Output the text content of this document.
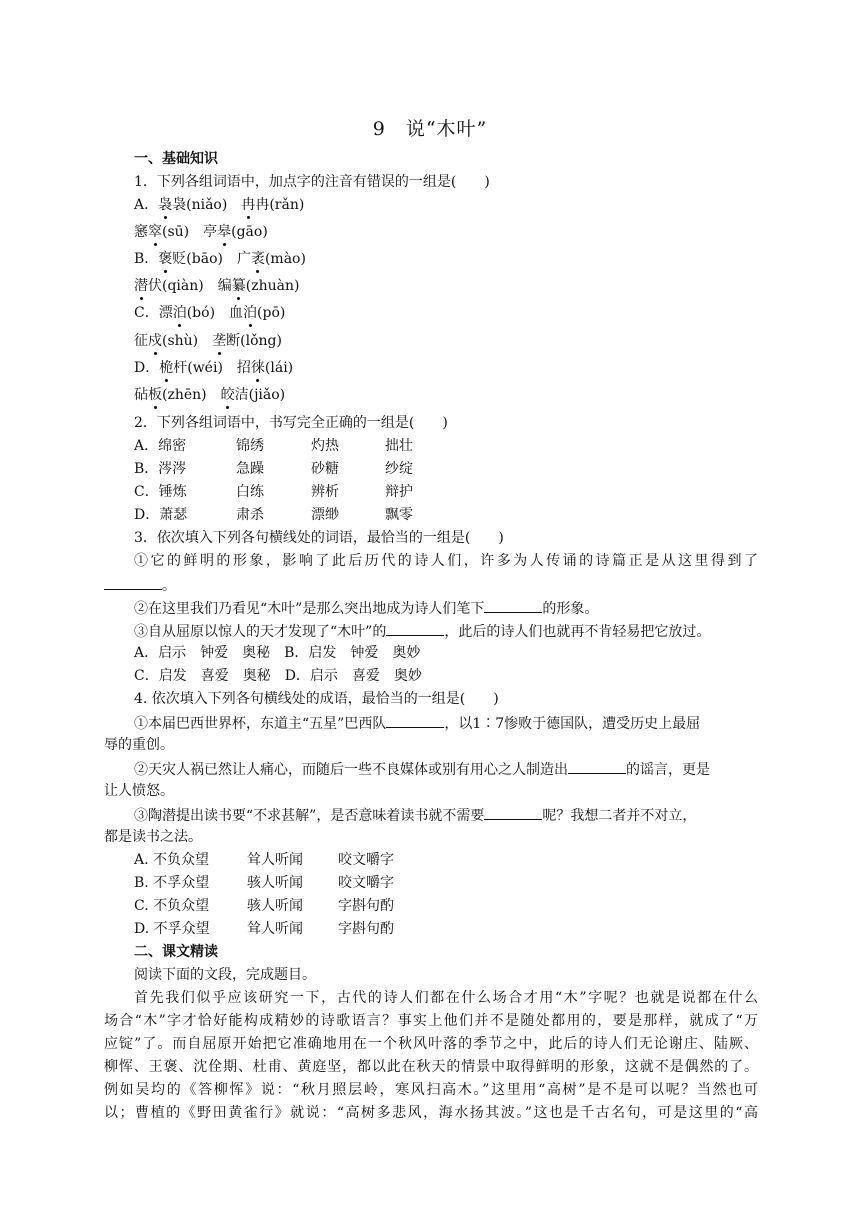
9　说“木叶”
一、基础知识
1．下列各组词语中，加点字的注音有错误的一组是(　　)
A．袅袅(niǎo)　冉冉(rǎn)
窸窣(sū)　亭皋(gāo)
B．褒贬(bāo)　广袤(mào)
潜伏(qiàn)　编纂(zhuàn)
C．漂泊(bó)　血泊(pō)
征戍(shù)　垄断(lǒng)
D．桅杆(wéi)　招徕(lái)
砧板(zhēn)　皎洁(jiǎo)
2．下列各组词语中，书写完全正确的一组是(　　)
A．绵密	锦绣	灼热	拙壮
B．涔涔	急躁	砂糖	纱绽
C．锤炼	白练	辨析	辩护
D．萧瑟	肃杀	漂缈	飘零
3．依次填入下列各句横线处的词语，最恰当的一组是(　　)
①它的鲜明的形象，影响了此后历代的诗人们，许多为人传诵的诗篇正是从这里得到了
。
②在这里我们乃看见“木叶”是那么突出地成为诗人们笔下	的形象。
③自从屈原以惊人的天才发现了“木叶”的	，此后的诗人们也就再不肯轻易把它放过。
A．启示　钟爱　奥秘　B．启发　钟爱　奥妙
C．启发　喜爱　奥秘　D．启示　喜爱　奥妙
4. 依次填入下列各句横线处的成语，最恰当的一组是(　　)
①本届巴西世界杯，东道主“五星”巴西队	，以1∶7惨败于德国队，遭受历史上最屈
辱的重创。
②天灾人祸已然让人痛心，而随后一些不良媒体或别有用心之人制造出	的谣言，更是
让人愤怒。
③陶潜提出读书要“不求甚解”，是否意味着读书就不需要	呢？我想二者并不对立，
都是读书之法。
A. 不负众望	耸人听闻	咬文嚼字
B. 不孚众望	骇人听闻	咬文嚼字
C. 不负众望	骇人听闻	字斟句酌
D. 不孚众望	耸人听闻	字斟句酌
二、课文精读
阅读下面的文段，完成题目。
首先我们似乎应该研究一下，古代的诗人们都在什么场合才用“木”字呢？也就是说都在什么
场合“木”字才恰好能构成精妙的诗歌语言？事实上他们并不是随处都用的，要是那样，就成了“万
应锭”了。而自屈原开始把它准确地用在一个秋风叶落的季节之中，此后的诗人们无论谢庄、陆厥、
柳恽、王褒、沈佺期、杜甫、黄庭坚，都以此在秋天的情景中取得鲜明的形象，这就不是偶然的了。
例如吴均的《答柳恽》说：“秋月照层岭，寒风扫高木。”这里用“高树”是不是可以呢？当然也可
以；曹植的《野田黄雀行》就说：“高树多悲风，海水扬其波。”这也是千古名句，可是这里的“高
